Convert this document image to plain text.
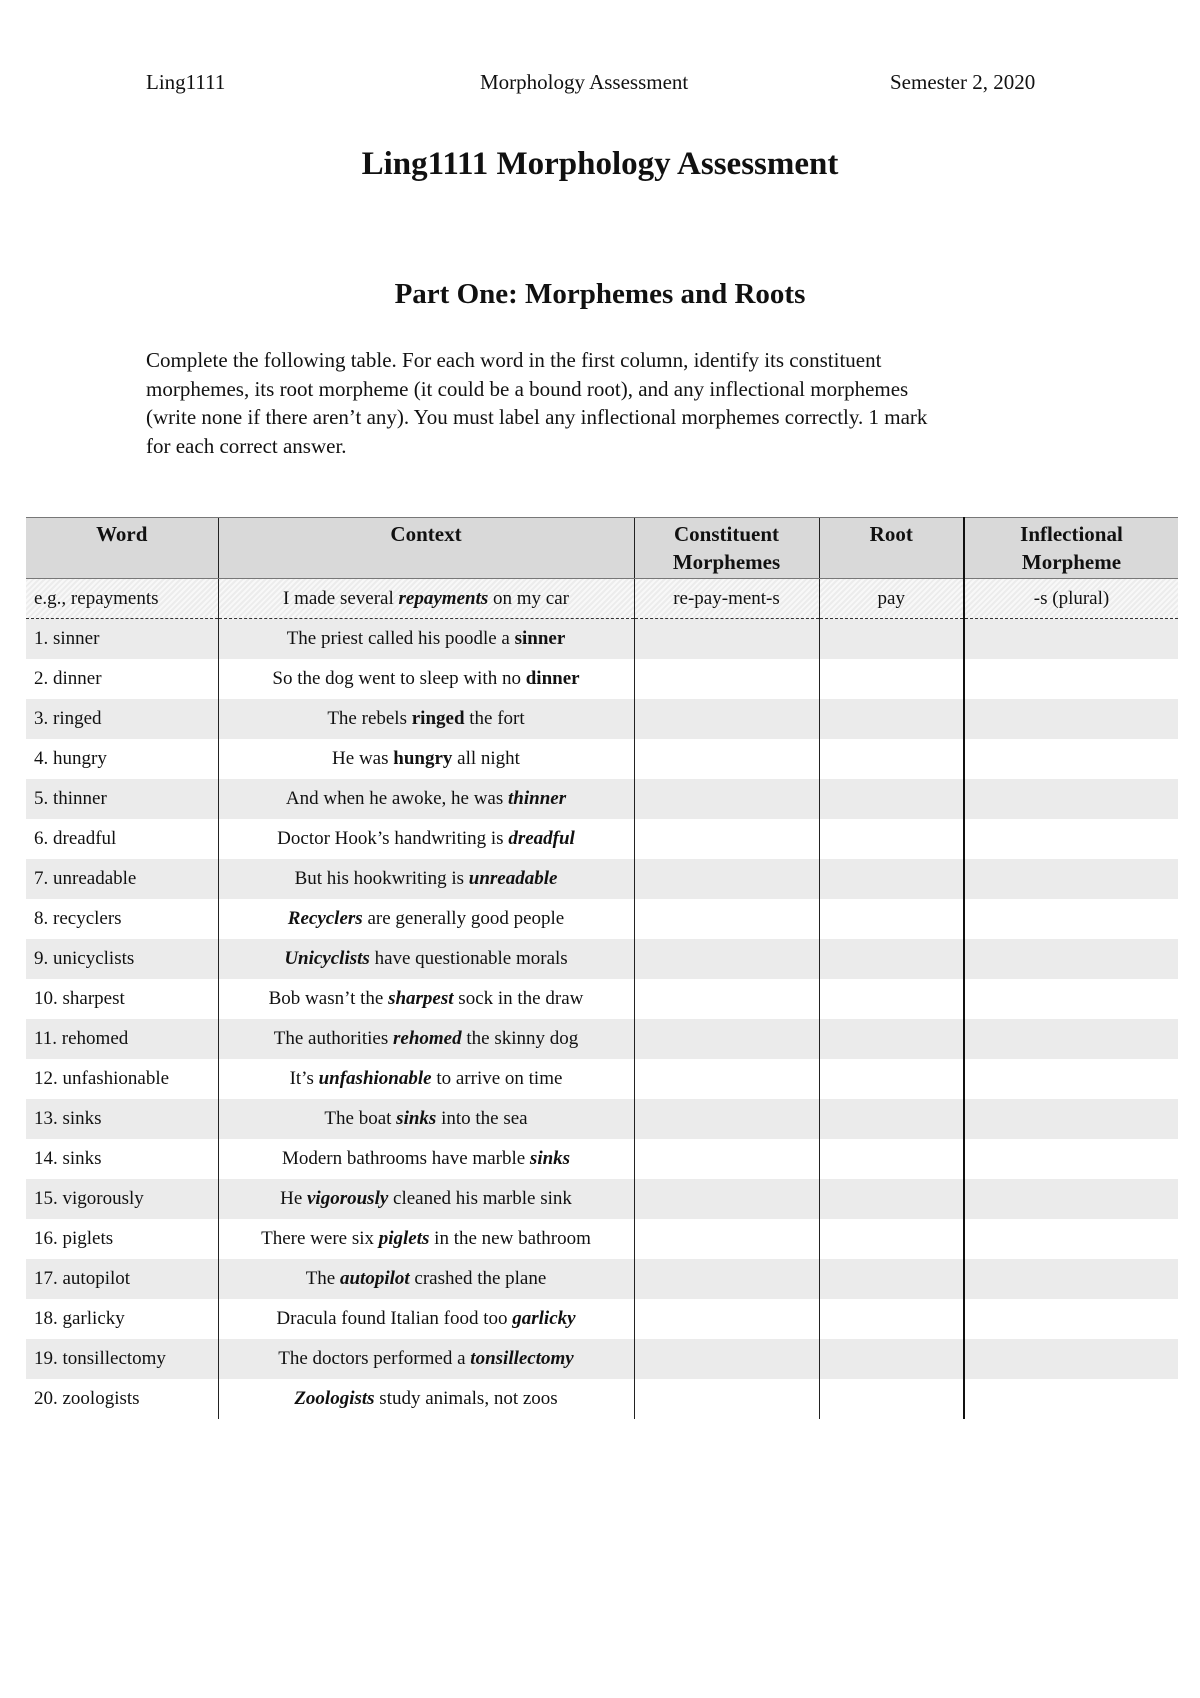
Ling1111	Morphology Assessment	Semester 2, 2020
Ling1111 Morphology Assessment
Part One: Morphemes and Roots
Complete the following table. For each word in the first column, identify its constituent
morphemes, its root morpheme (it could be a bound root), and any inflectional morphemes
(write none if there aren’t any). You must label any inflectional morphemes correctly. 1 mark
for each correct answer.
Word	Context	Constituent Morphemes	Root	Inflectional Morpheme
e.g., repayments	I made several repayments on my car	re-pay-ment-s	pay	-s (plural)
1. sinner	The priest called his poodle a sinner			
2. dinner	So the dog went to sleep with no dinner			
3. ringed	The rebels ringed the fort			
4. hungry	He was hungry all night			
5. thinner	And when he awoke, he was thinner			
6. dreadful	Doctor Hook’s handwriting is dreadful			
7. unreadable	But his hookwriting is unreadable			
8. recyclers	Recyclers are generally good people			
9. unicyclists	Unicyclists have questionable morals			
10. sharpest	Bob wasn’t the sharpest sock in the draw			
11. rehomed	The authorities rehomed the skinny dog			
12. unfashionable	It’s unfashionable to arrive on time			
13. sinks	The boat sinks into the sea			
14. sinks	Modern bathrooms have marble sinks			
15. vigorously	He vigorously cleaned his marble sink			
16. piglets	There were six piglets in the new bathroom			
17. autopilot	The autopilot crashed the plane			
18. garlicky	Dracula found Italian food too garlicky			
19. tonsillectomy	The doctors performed a tonsillectomy			
20. zoologists	Zoologists study animals, not zoos			
